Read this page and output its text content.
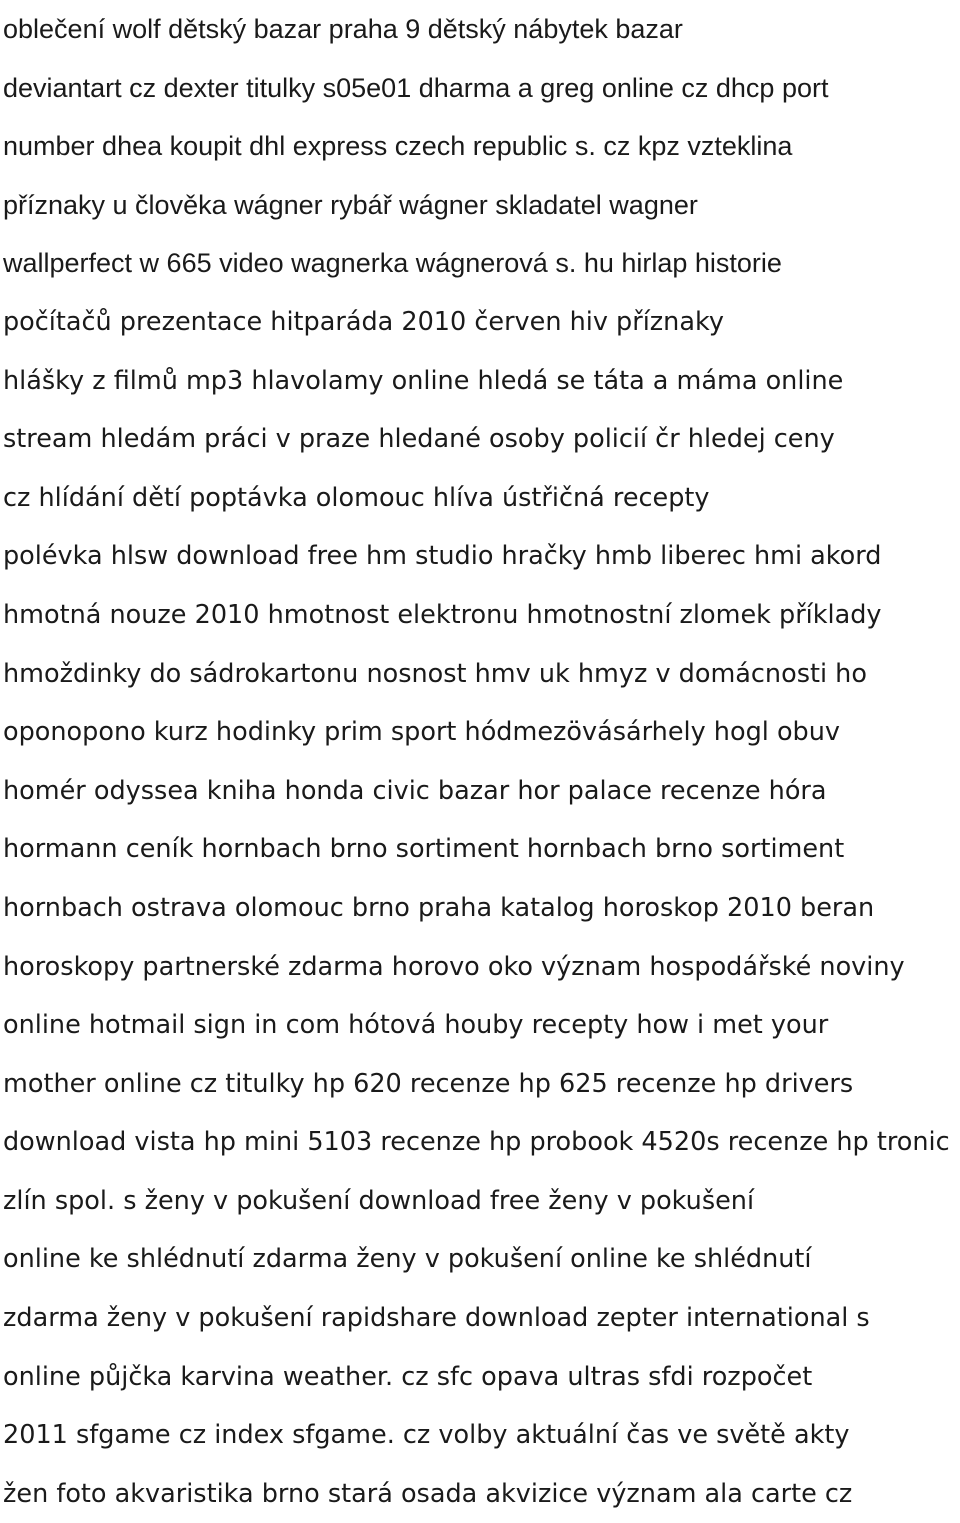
oblečení wolf dětský bazar praha 9 dětský nábytek bazar
deviantart cz dexter titulky s05e01 dharma a greg online cz dhcp port
number dhea koupit dhl express czech republic s. cz kpz vzteklina
příznaky u člověka wágner rybář wágner skladatel wagner
wallperfect w 665 video wagnerka wágnerová s. hu hirlap historie
počítačů prezentace hitparáda 2010 červen hiv příznaky
hlášky z filmů mp3 hlavolamy online hledá se táta a máma online
stream hledám práci v praze hledané osoby policií čr hledej ceny
cz hlídání dětí poptávka olomouc hlíva ústřičná recepty
polévka hlsw download free hm studio hračky hmb liberec hmi akord
hmotná nouze 2010 hmotnost elektronu hmotnostní zlomek příklady
hmoždinky do sádrokartonu nosnost hmv uk hmyz v domácnosti ho
oponopono kurz hodinky prim sport hódmezövásárhely hogl obuv
homér odyssea kniha honda civic bazar hor palace recenze hóra
hormann ceník hornbach brno sortiment hornbach brno sortiment
hornbach ostrava olomouc brno praha katalog horoskop 2010 beran
horoskopy partnerské zdarma horovo oko význam hospodářské noviny
online hotmail sign in com hótová houby recepty how i met your
mother online cz titulky hp 620 recenze hp 625 recenze hp drivers
download vista hp mini 5103 recenze hp probook 4520s recenze hp tronic
zlín spol. s ženy v pokušení download free ženy v pokušení
online ke shlédnutí zdarma ženy v pokušení online ke shlédnutí
zdarma ženy v pokušení rapidshare download zepter international s
online půjčka karvina weather. cz sfc opava ultras sfdi rozpočet
2011 sfgame cz index sfgame. cz volby aktuální čas ve světě akty
žen foto akvaristika brno stará osada akvizice význam ala carte cz
